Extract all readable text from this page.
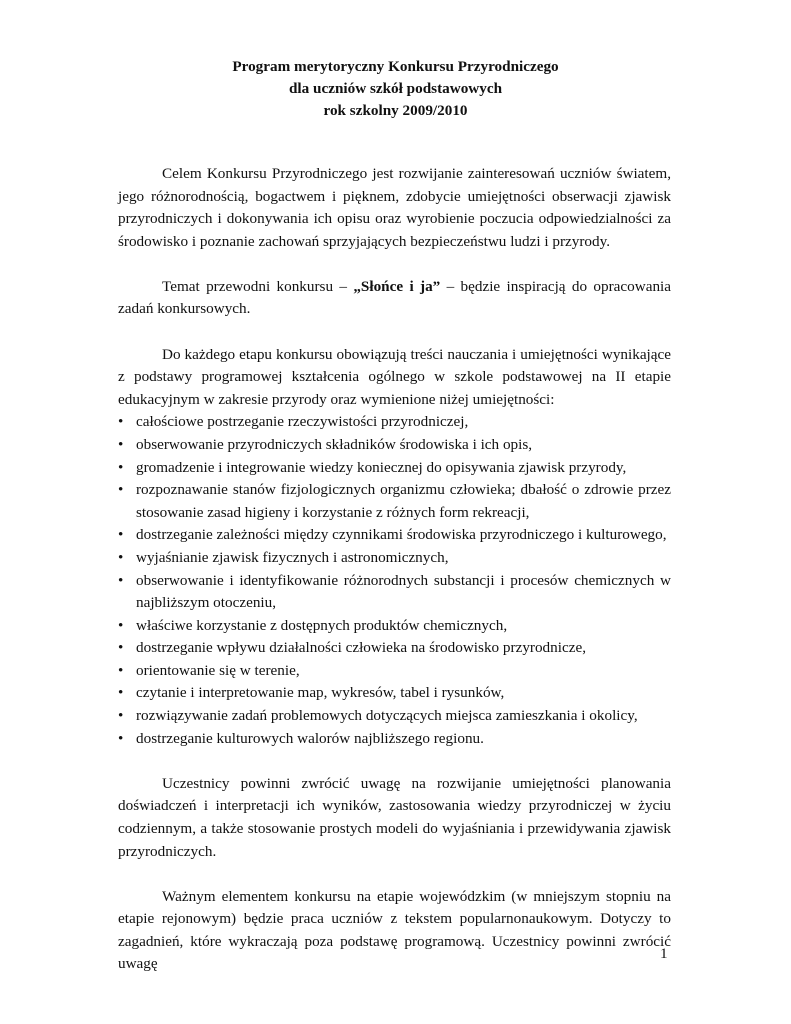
Program merytoryczny Konkursu Przyrodniczego
dla uczniów szkół podstawowych
rok szkolny 2009/2010

Celem Konkursu Przyrodniczego jest rozwijanie zainteresowań uczniów światem, jego różnorodnością, bogactwem i pięknem, zdobycie umiejętności obserwacji zjawisk przyrodniczych i dokonywania ich opisu oraz wyrobienie poczucia odpowiedzialności za środowisko i poznanie zachowań sprzyjających bezpieczeństwu ludzi i przyrody.

Temat przewodni konkursu – „Słońce i ja” – będzie inspiracją do opracowania zadań konkursowych.

Do każdego etapu konkursu obowiązują treści nauczania i umiejętności wynikające z podstawy programowej kształcenia ogólnego w szkole podstawowej na II etapie edukacyjnym w zakresie przyrody oraz wymienione niżej umiejętności:

• całościowe postrzeganie rzeczywistości przyrodniczej,
• obserwowanie przyrodniczych składników środowiska i ich opis,
• gromadzenie i integrowanie wiedzy koniecznej do opisywania zjawisk przyrody,
• rozpoznawanie stanów fizjologicznych organizmu człowieka; dbałość o zdrowie przez stosowanie zasad higieny i korzystanie z różnych form rekreacji,
• dostrzeganie zależności między czynnikami środowiska przyrodniczego i kulturowego,
• wyjaśnianie zjawisk fizycznych i astronomicznych,
• obserwowanie i identyfikowanie różnorodnych substancji i procesów chemicznych w najbliższym otoczeniu,
• właściwe korzystanie z dostępnych produktów chemicznych,
• dostrzeganie wpływu działalności człowieka na środowisko przyrodnicze,
• orientowanie się w terenie,
• czytanie i interpretowanie map, wykresów, tabel i rysunków,
• rozwiązywanie zadań problemowych dotyczących miejsca zamieszkania i okolicy,
• dostrzeganie kulturowych walorów najbliższego regionu.

Uczestnicy powinni zwrócić uwagę na rozwijanie umiejętności planowania doświadczeń i interpretacji ich wyników, zastosowania wiedzy przyrodniczej w życiu codziennym, a także stosowanie prostych modeli do wyjaśniania i przewidywania zjawisk przyrodniczych.

Ważnym elementem konkursu na etapie wojewódzkim (w mniejszym stopniu na etapie rejonowym) będzie praca uczniów z tekstem popularnonaukowym. Dotyczy to zagadnień, które wykraczają poza podstawę programową. Uczestnicy powinni zwrócić uwagę

1
